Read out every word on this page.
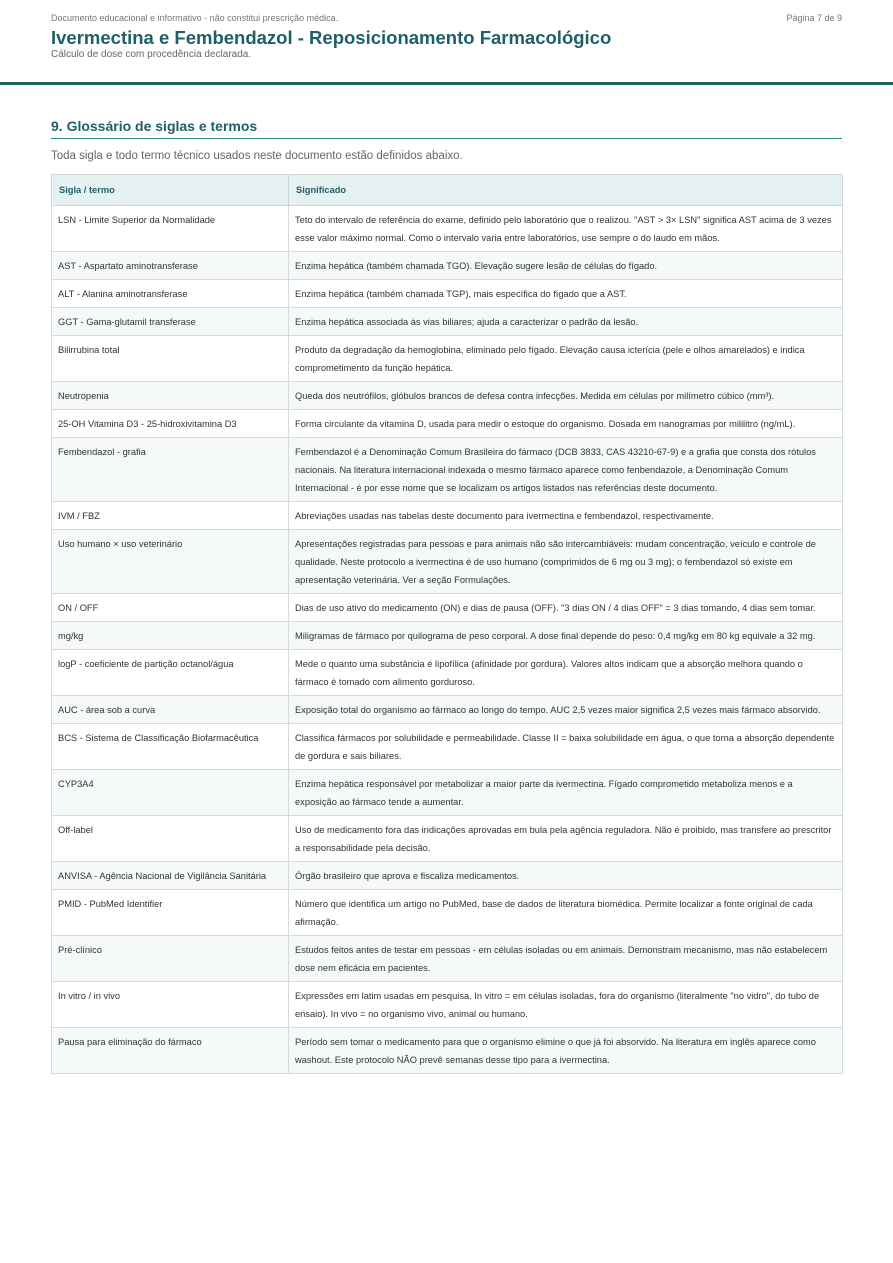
Documento educacional e informativo - não constitui prescrição médica.	Página 7 de 9
Ivermectina e Fembendazol - Reposicionamento Farmacológico
Cálculo de dose com procedência declarada.
9. Glossário de siglas e termos
Toda sigla e todo termo técnico usados neste documento estão definidos abaixo.
Sigla / termo	Significado
LSN - Limite Superior da Normalidade	Teto do intervalo de referência do exame, definido pelo laboratório que o realizou. "AST > 3× LSN" significa AST acima de 3 vezes esse valor máximo normal. Como o intervalo varia entre laboratórios, use sempre o do laudo em mãos.
AST - Aspartato aminotransferase	Enzima hepática (também chamada TGO). Elevação sugere lesão de células do fígado.
ALT - Alanina aminotransferase	Enzima hepática (também chamada TGP), mais específica do fígado que a AST.
GGT - Gama-glutamil transferase	Enzima hepática associada às vias biliares; ajuda a caracterizar o padrão da lesão.
Bilirrubina total	Produto da degradação da hemoglobina, eliminado pelo fígado. Elevação causa icterícia (pele e olhos amarelados) e indica comprometimento da função hepática.
Neutropenia	Queda dos neutrófilos, glóbulos brancos de defesa contra infecções. Medida em células por milímetro cúbico (mm³).
25-OH Vitamina D3 - 25-hidroxivitamina D3	Forma circulante da vitamina D, usada para medir o estoque do organismo. Dosada em nanogramas por mililitro (ng/mL).
Fembendazol - grafia	Fembendazol é a Denominação Comum Brasileira do fármaco (DCB 3833, CAS 43210-67-9) e a grafia que consta dos rótulos nacionais. Na literatura internacional indexada o mesmo fármaco aparece como fenbendazole, a Denominação Comum Internacional - é por esse nome que se localizam os artigos listados nas referências deste documento.
IVM / FBZ	Abreviações usadas nas tabelas deste documento para ivermectina e fembendazol, respectivamente.
Uso humano × uso veterinário	Apresentações registradas para pessoas e para animais não são intercambiáveis: mudam concentração, veículo e controle de qualidade. Neste protocolo a ivermectina é de uso humano (comprimidos de 6 mg ou 3 mg); o fembendazol só existe em apresentação veterinária. Ver a seção Formulações.
ON / OFF	Dias de uso ativo do medicamento (ON) e dias de pausa (OFF). "3 dias ON / 4 dias OFF" = 3 dias tomando, 4 dias sem tomar.
mg/kg	Miligramas de fármaco por quilograma de peso corporal. A dose final depende do peso: 0,4 mg/kg em 80 kg equivale a 32 mg.
logP - coeficiente de partição octanol/água	Mede o quanto uma substância é lipofílica (afinidade por gordura). Valores altos indicam que a absorção melhora quando o fármaco é tomado com alimento gorduroso.
AUC - área sob a curva	Exposição total do organismo ao fármaco ao longo do tempo. AUC 2,5 vezes maior significa 2,5 vezes mais fármaco absorvido.
BCS - Sistema de Classificação Biofarmacêutica	Classifica fármacos por solubilidade e permeabilidade. Classe II = baixa solubilidade em água, o que torna a absorção dependente de gordura e sais biliares.
CYP3A4	Enzima hepática responsável por metabolizar a maior parte da ivermectina. Fígado comprometido metaboliza menos e a exposição ao fármaco tende a aumentar.
Off-label	Uso de medicamento fora das indicações aprovadas em bula pela agência reguladora. Não é proibido, mas transfere ao prescritor a responsabilidade pela decisão.
ANVISA - Agência Nacional de Vigilância Sanitária	Órgão brasileiro que aprova e fiscaliza medicamentos.
PMID - PubMed Identifier	Número que identifica um artigo no PubMed, base de dados de literatura biomédica. Permite localizar a fonte original de cada afirmação.
Pré-clínico	Estudos feitos antes de testar em pessoas - em células isoladas ou em animais. Demonstram mecanismo, mas não estabelecem dose nem eficácia em pacientes.
In vitro / in vivo	Expressões em latim usadas em pesquisa. In vitro = em células isoladas, fora do organismo (literalmente "no vidro", do tubo de ensaio). In vivo = no organismo vivo, animal ou humano.
Pausa para eliminação do fármaco	Período sem tomar o medicamento para que o organismo elimine o que já foi absorvido. Na literatura em inglês aparece como washout. Este protocolo NÃO prevê semanas desse tipo para a ivermectina.
